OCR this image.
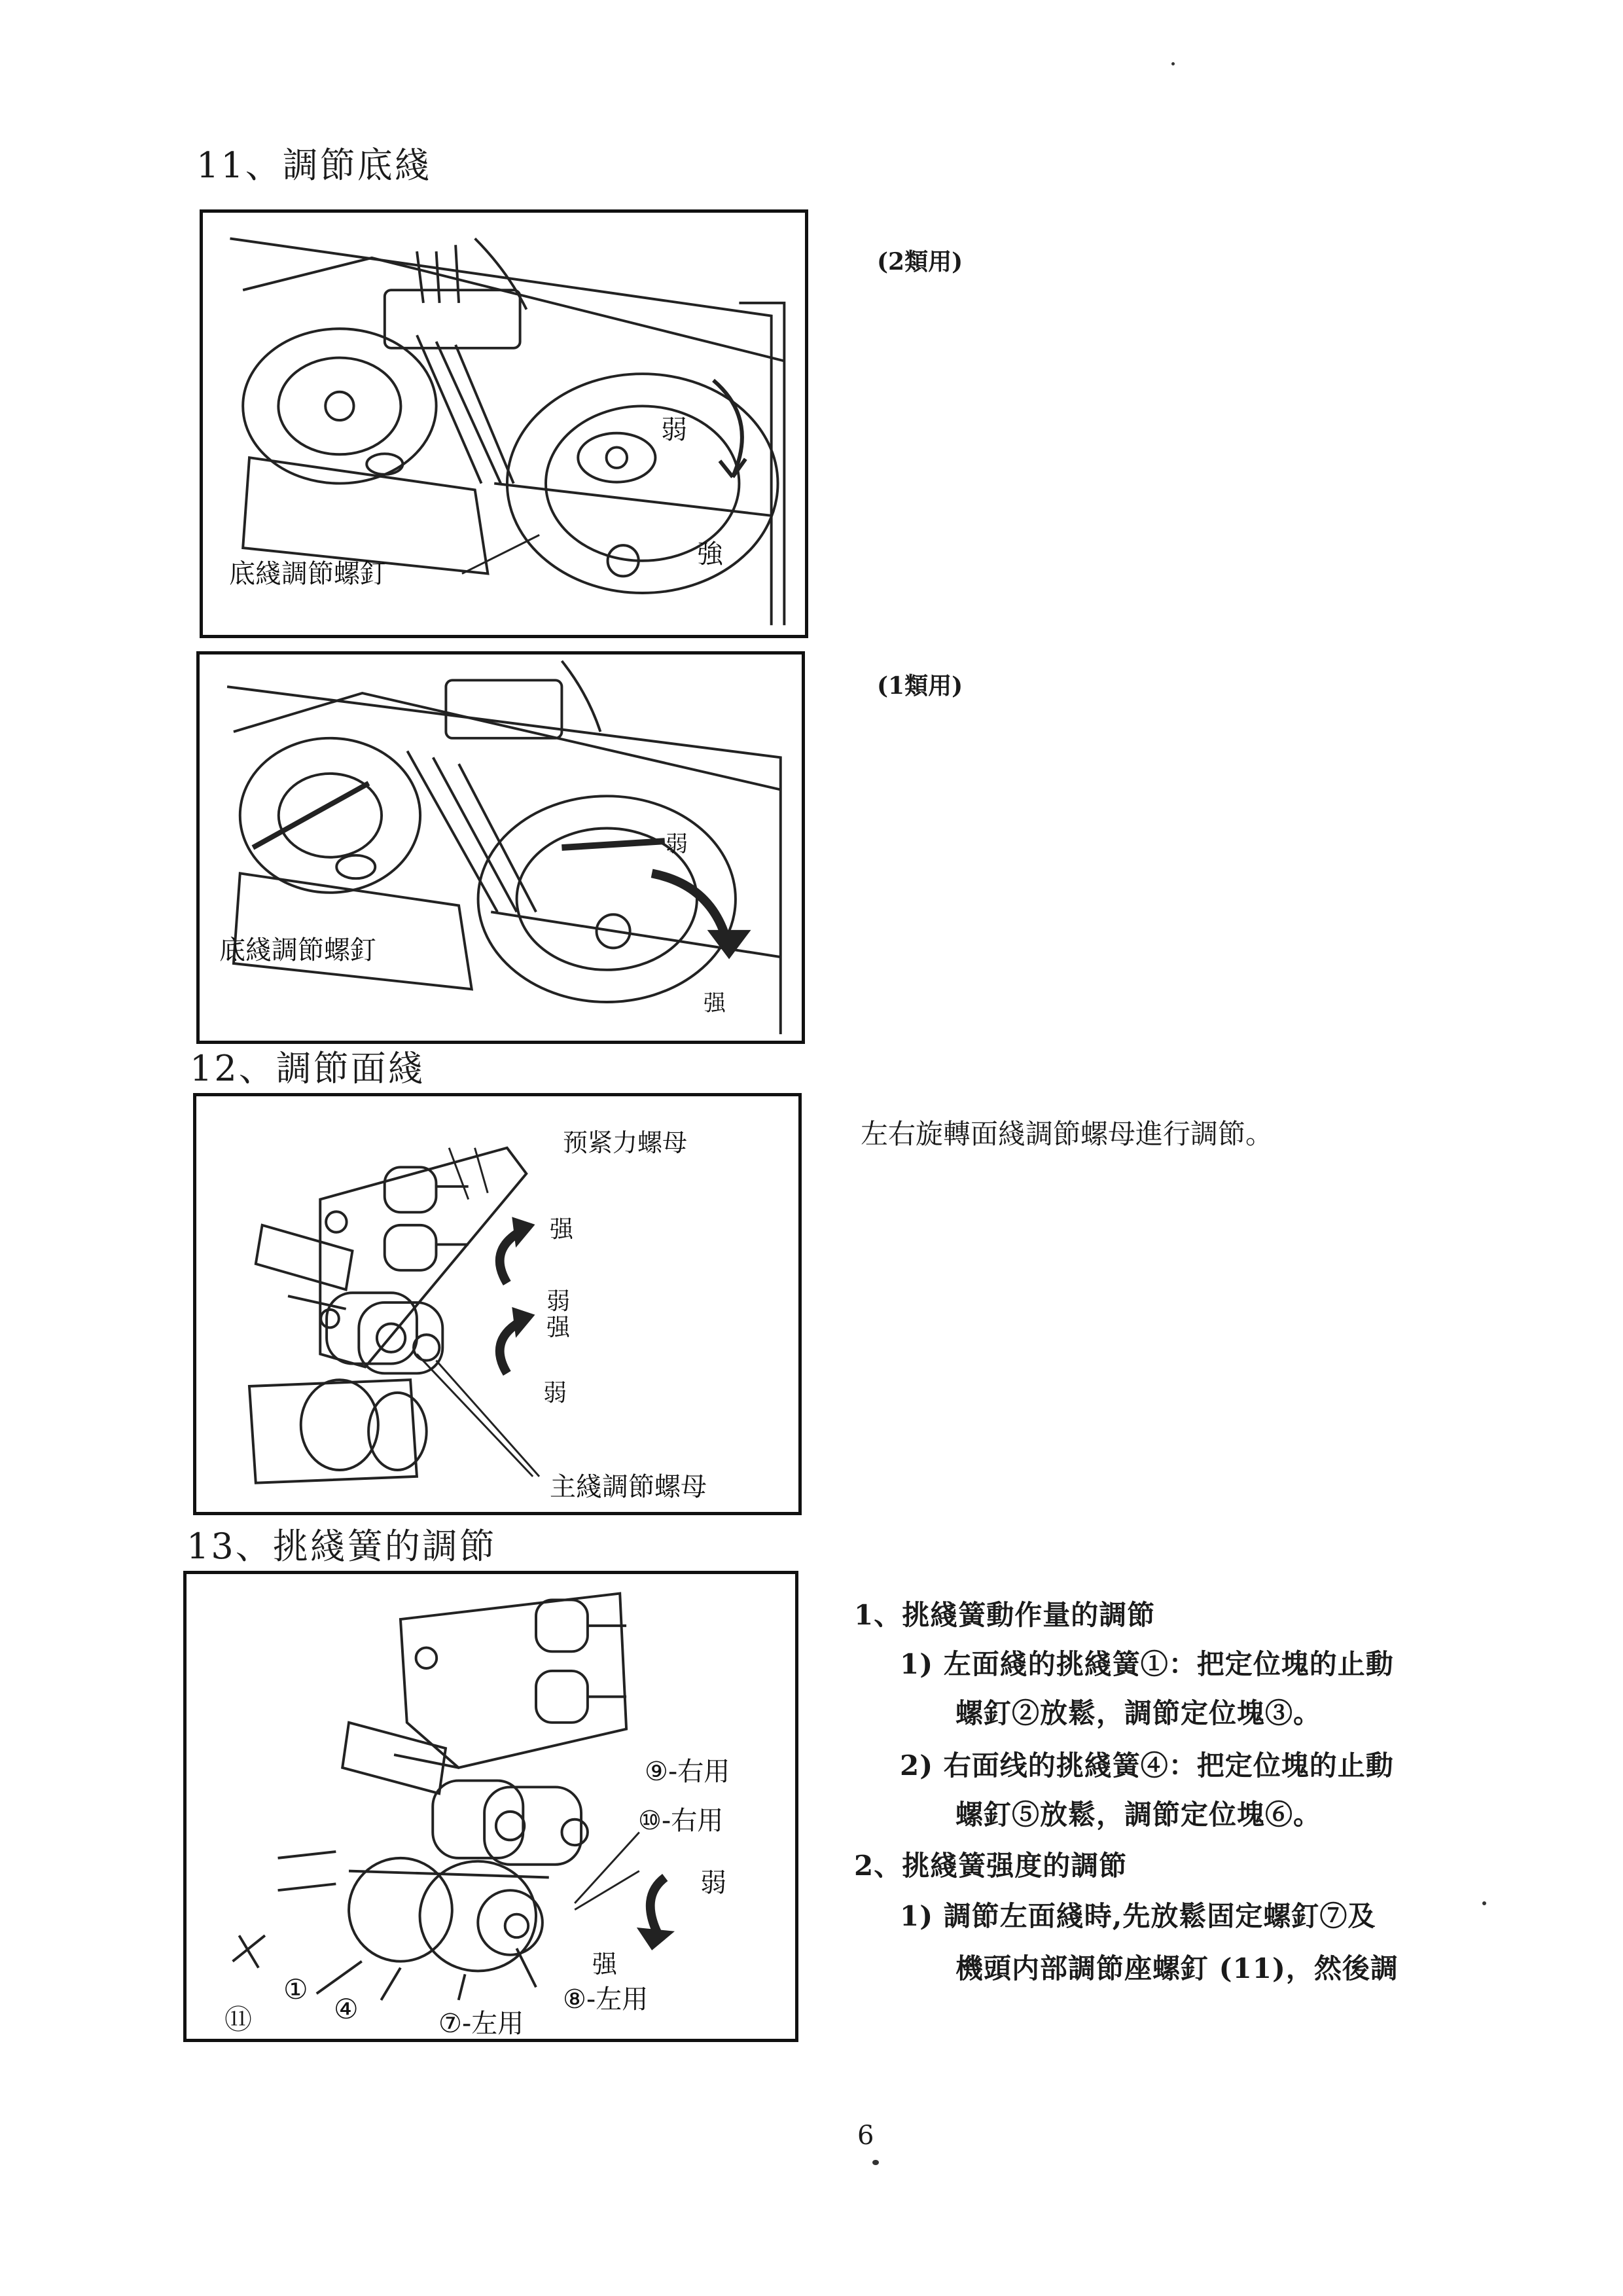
11、調節底綫
弱
強
底綫調節螺釘
(2類用)
弱
强
底綫調節螺釘
(1類用)
12、調節面綫
预紧力螺母
强
弱
强
弱
主綫調節螺母
左右旋轉面綫調節螺母進行調節。
13、挑綫簧的調節
⑨-右用
⑩-右用
弱
强
⑧-左用
⑦-左用
①
④
⑪
1、挑綫簧動作量的調節
1) 左面綫的挑綫簧①：把定位塊的止動
螺釘②放鬆，調節定位塊③。
2) 右面线的挑綫簧④：把定位塊的止動
螺釘⑤放鬆，調節定位塊⑥。
2、挑綫簧强度的調節
1) 調節左面綫時,先放鬆固定螺釘⑦及
機頭内部調節座螺釘 (11)，然後調
6
